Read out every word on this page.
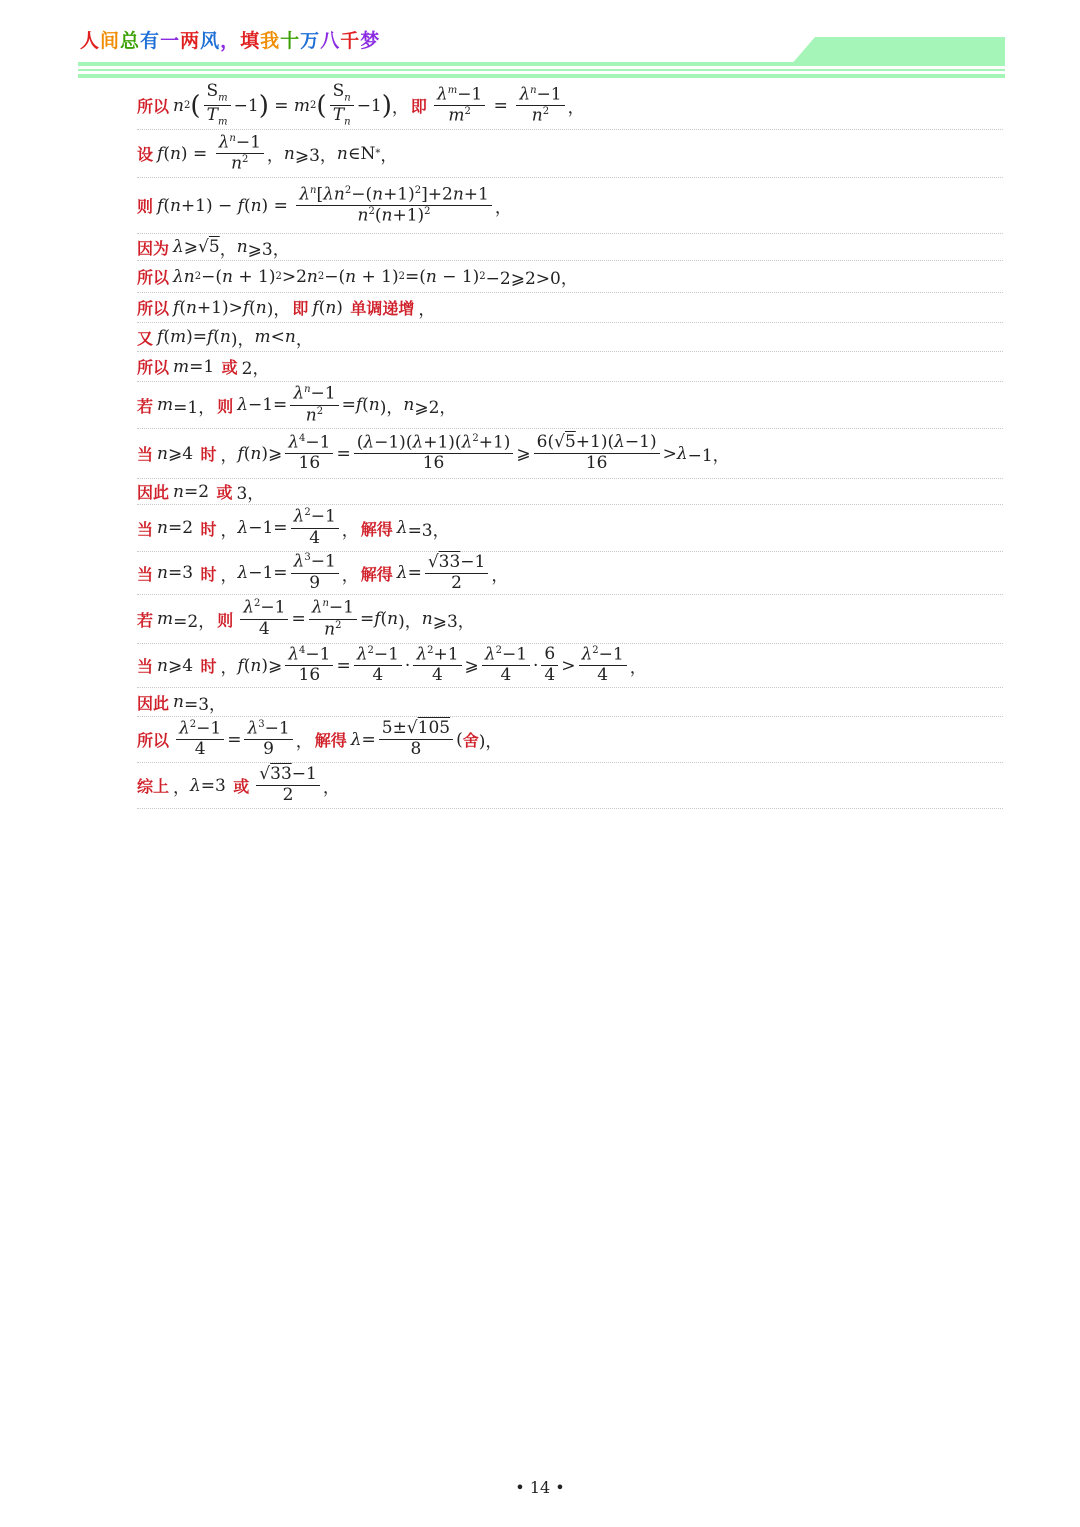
人间总有一两风，填我十万八千梦
所以 n 2 ( $\frac{S_m}{T_m} -1$ ) = m 2 ( $\frac{S_n}{T_n} -1$ ) ， 即 $\frac{\lambda^m-1}{m^2} = \frac{\lambda^n-1}{n^2}$ ，
设 f ( n ) = $\frac{\lambda^n-1}{n^2}$ ， n ⩾3， n ∈N * ，
则 f ( n +1) − f ( n ) = $\frac{\lambda^n[\lambda n^2-(n+1)^2]+2n+1}{n^2(n+1)^2}$ ，
因为 λ ⩾√ 5 ， n ⩾3，
所以 λn 2 −( n + 1) 2 >2 n 2 −( n + 1) 2 =( n − 1) 2 −2⩾2>0，
所以 f ( n +1)> f ( n )， 即 f ( n ) 单调递增 ，
又 f ( m )= f ( n )， m < n ，
所以 m =1 或 2，
若 m =1， 则 $\lambda -1= \frac{\lambda^n-1}{n^2} = f$ ( n )， n ⩾2，
当 n ⩾4 时 ， f ( n )⩾ $\frac{\lambda^4-1}{16} = \frac{(\lambda-1)(\lambda+1)(\lambda^2+1)}{16}$ ⩾ $\frac{6(√5+1)(\lambda-1)}{16} > \lambda -1$，
因此 n =2 或 3，
当 n =2 时 ， $\lambda -1= \frac{\lambda^2-1}{4}$ ， 解得 λ =3，
当 n =3 时 ， $\lambda -1= \frac{\lambda^3-1}{9}$ ， 解得 $\lambda = \frac{√33-1}{2}$ ，
若 m =2， 则 $\frac{\lambda^2-1}{4} = \frac{\lambda^n-1}{n^2} = f$ ( n )， n ⩾3，
当 n ⩾4 时 ， f ( n )⩾ $\frac{\lambda^4-1}{16} = \frac{\lambda^2-1}{4} \cdot \frac{\lambda^2+1}{4}$ ⩾ $\frac{\lambda^2-1}{4} \cdot \frac{6}{4} > \frac{\lambda^2-1}{4}$ ，
因此 n =3，
所以 $\frac{\lambda^2-1}{4} = \frac{\lambda^3-1}{9}$ ， 解得 $\lambda = \frac{5\pm√105}{8}$ ( 舍 )，
综上 ， λ =3 或 $\frac{√33-1}{2}$ ，
• 14 •
